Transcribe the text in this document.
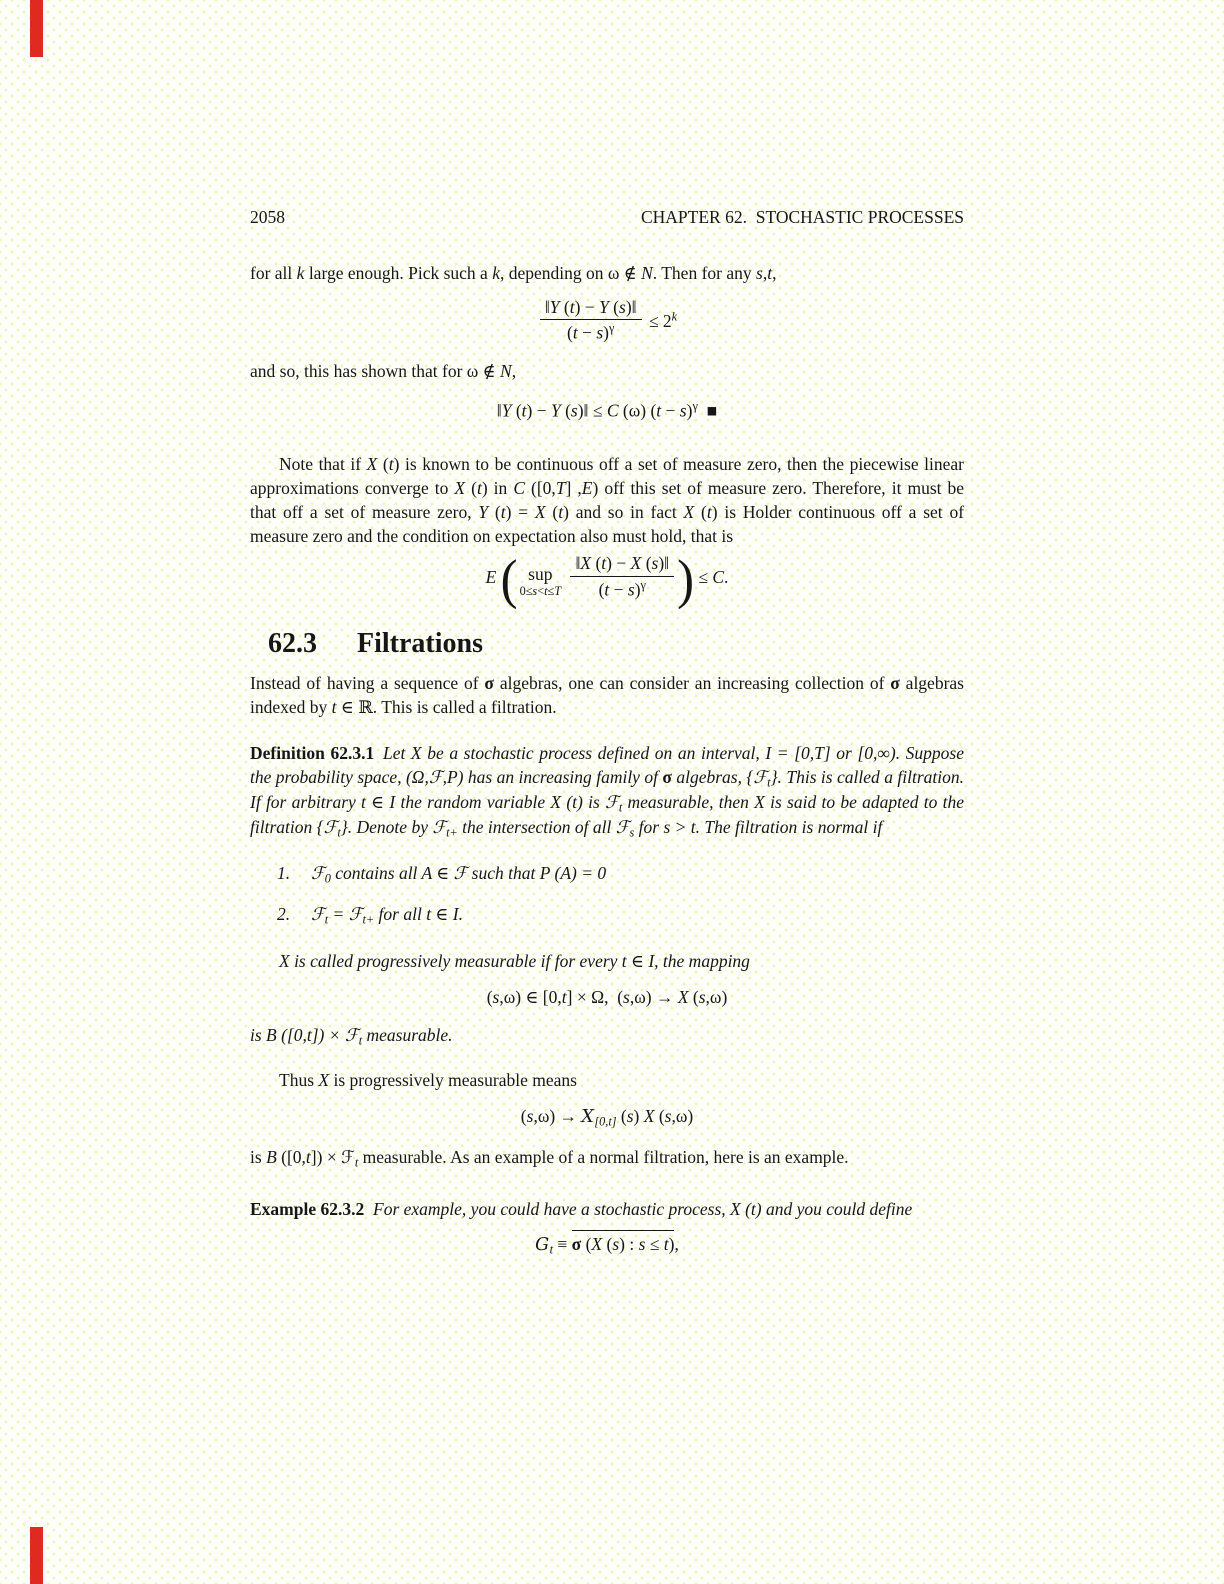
2058	CHAPTER 62. STOCHASTIC PROCESSES

for all k large enough. Pick such a k, depending on ω ∉ N. Then for any s,t,

$\frac{‖Y (t) - Y (s)‖}{(t - s)^\gamma} \le 2^k$

and so, this has shown that for ω ∉ N,

‖Y (t) − Y (s)‖ ≤ C (ω) $(t - s)^\gamma$ ■

Note that if X (t) is known to be continuous off a set of measure zero, then the piecewise linear approximations converge to X (t) in C ([0,T] ,E) off this set of measure zero. Therefore, it must be that off a set of measure zero, Y (t) = X (t) and so in fact X (t) is Holder continuous off a set of measure zero and the condition on expectation also must hold, that is

E ( sup
0≤s<t≤T
$\frac{‖X (t) - X (s)‖}{(t - s)^\gamma}$ ) ≤ C.
62.3 Filtrations

Instead of having a sequence of σ algebras, one can consider an increasing collection of σ algebras indexed by t ∈ ℝ. This is called a filtration.

Definition 62.3.1 Let X be a stochastic process defined on an interval, I = [0,T] or [0,∞). Suppose the probability space, (Ω,ℱ,P) has an increasing family of σ algebras, {ℱ$_t$}. This is called a filtration. If for arbitrary t ∈ I the random variable X (t) is ℱ$_t$ measurable, then X is said to be adapted to the filtration {ℱ$_t$}. Denote by ℱ$_{t+}$ the intersection of all ℱ$_s$ for s > t. The filtration is normal if

1.	ℱ$_0$ contains all A ∈ ℱ such that P (A) = 0
2.	ℱ$_t$ = ℱ$_{t+}$ for all t ∈ I.

X is called progressively measurable if for every t ∈ I, the mapping

(s,ω) ∈ [0,t] × Ω, (s,ω) → X (s,ω)

is B ([0,t]) × ℱ$_t$ measurable.

Thus X is progressively measurable means

$(s,\omega) \to X_{[0,t]}$ (s) X (s,ω)

is B ([0,t]) × ℱ$_t$ measurable. As an example of a normal filtration, here is an example.

Example 62.3.2 For example, you could have a stochastic process, X (t) and you could define

$G_t \equiv \sigma$ (X (s) : s ≤ t),
